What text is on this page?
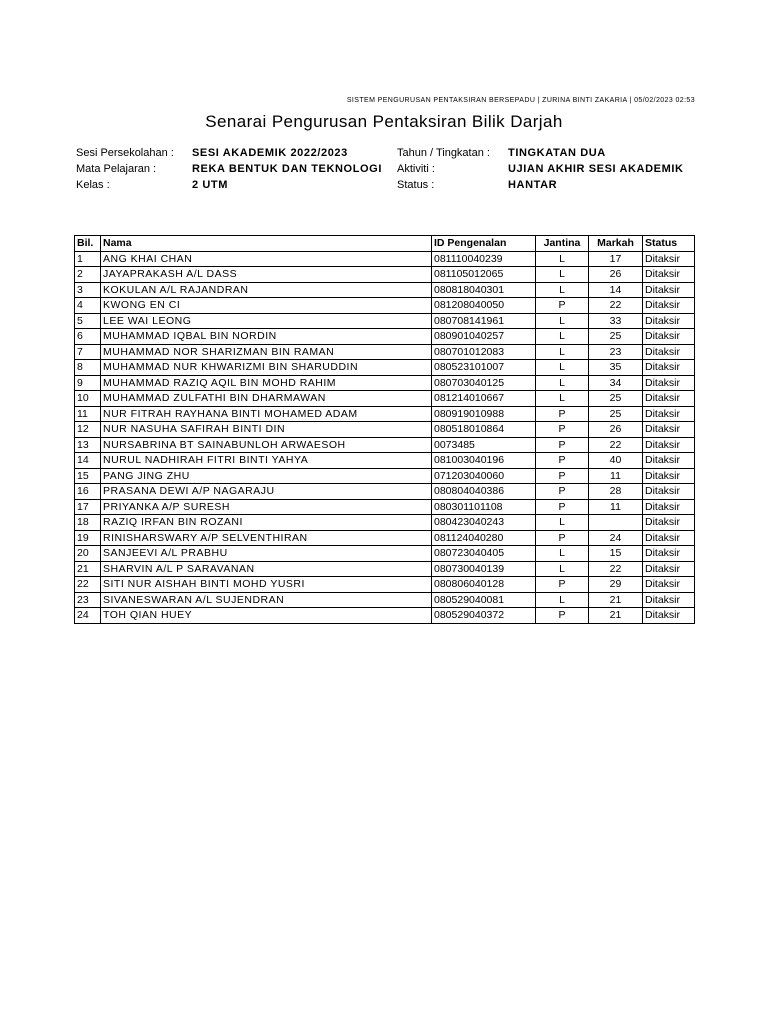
SISTEM PENGURUSAN PENTAKSIRAN BERSEPADU | ZURINA BINTI ZAKARIA | 05/02/2023 02:53
Senarai Pengurusan Pentaksiran Bilik Darjah
Sesi Persekolahan : SESI AKADEMIK 2022/2023
Mata Pelajaran :	REKA BENTUK DAN TEKNOLOGI
Kelas :	2 UTM
Tahun / Tingkatan : TINGKATAN DUA
Aktiviti :	UJIAN AKHIR SESI AKADEMIK
Status :	HANTAR
Bil.	Nama	ID Pengenalan	Jantina	Markah	Status
1	ANG KHAI CHAN	081110040239	L	17	Ditaksir
2	JAYAPRAKASH A/L DASS	081105012065	L	26	Ditaksir
3	KOKULAN A/L RAJANDRAN	080818040301	L	14	Ditaksir
4	KWONG EN CI	081208040050	P	22	Ditaksir
5	LEE WAI LEONG	080708141961	L	33	Ditaksir
6	MUHAMMAD IQBAL BIN NORDIN	080901040257	L	25	Ditaksir
7	MUHAMMAD NOR SHARIZMAN BIN RAMAN	080701012083	L	23	Ditaksir
8	MUHAMMAD NUR KHWARIZMI BIN SHARUDDIN	080523101007	L	35	Ditaksir
9	MUHAMMAD RAZIQ AQIL BIN MOHD RAHIM	080703040125	L	34	Ditaksir
10	MUHAMMAD ZULFATHI BIN DHARMAWAN	081214010667	L	25	Ditaksir
11	NUR FITRAH RAYHANA BINTI MOHAMED ADAM	080919010988	P	25	Ditaksir
12	NUR NASUHA SAFIRAH BINTI DIN	080518010864	P	26	Ditaksir
13	NURSABRINA BT SAINABUNLOH ARWAESOH	0073485	P	22	Ditaksir
14	NURUL NADHIRAH FITRI BINTI YAHYA	081003040196	P	40	Ditaksir
15	PANG JING ZHU	071203040060	P	11	Ditaksir
16	PRASANA DEWI A/P NAGARAJU	080804040386	P	28	Ditaksir
17	PRIYANKA A/P SURESH	080301101108	P	11	Ditaksir
18	RAZIQ IRFAN BIN ROZANI	080423040243	L		Ditaksir
19	RINISHARSWARY A/P SELVENTHIRAN	081124040280	P	24	Ditaksir
20	SANJEEVI A/L PRABHU	080723040405	L	15	Ditaksir
21	SHARVIN A/L P SARAVANAN	080730040139	L	22	Ditaksir
22	SITI NUR AISHAH BINTI MOHD YUSRI	080806040128	P	29	Ditaksir
23	SIVANESWARAN A/L SUJENDRAN	080529040081	L	21	Ditaksir
24	TOH QIAN HUEY	080529040372	P	21	Ditaksir
